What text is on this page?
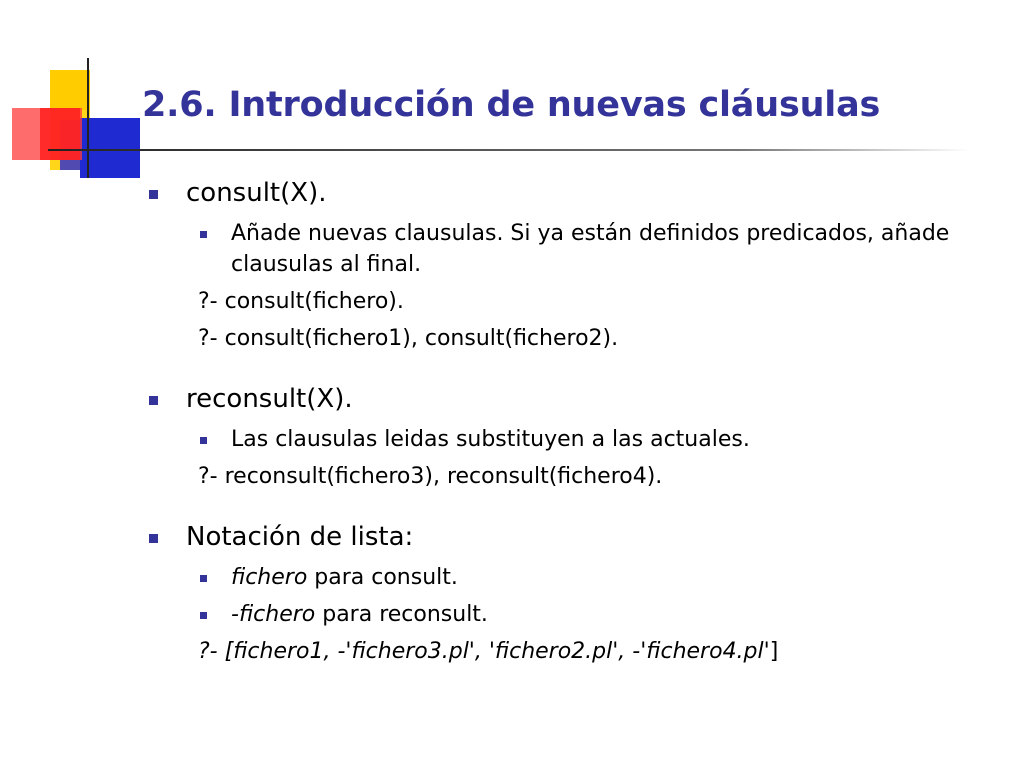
2.6. Introducción de nuevas cláusulas
consult(X).
Añade nuevas clausulas. Si ya están definidos predicados, añade clausulas al final.
?- consult(fichero).
?- consult(fichero1), consult(fichero2).
reconsult(X).
Las clausulas leidas substituyen a las actuales.
?- reconsult(fichero3), reconsult(fichero4).
Notación de lista:
fichero para consult.
-fichero para reconsult.
?- [fichero1, -'fichero3.pl', 'fichero2.pl', -'fichero4.pl']
